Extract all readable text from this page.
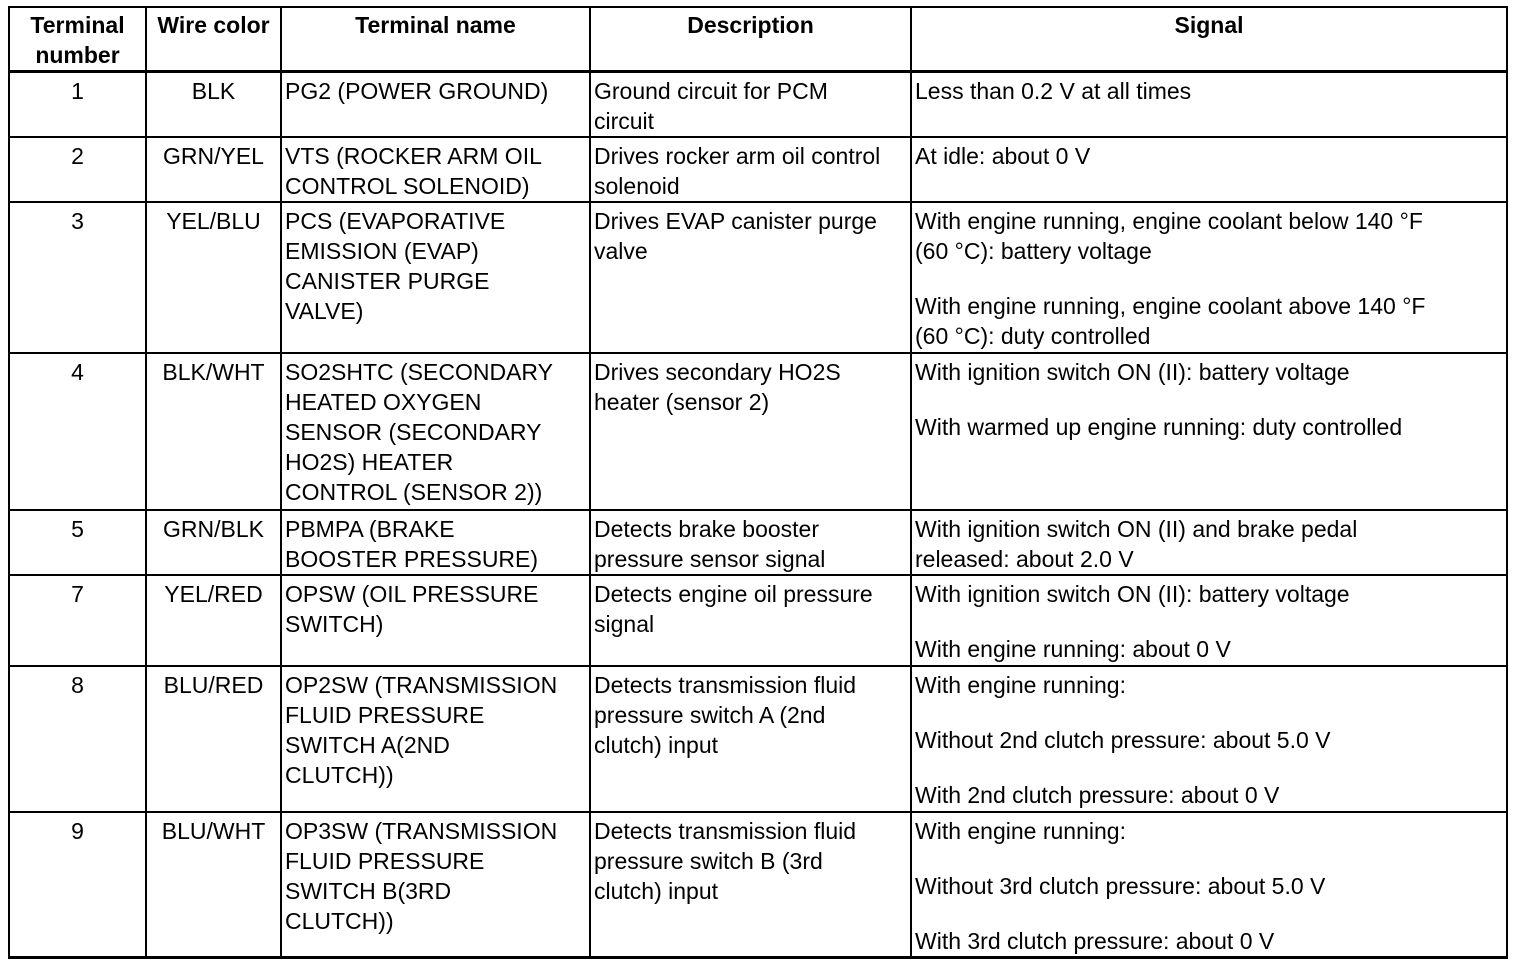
Terminal
number	Wire color	Terminal name	Description	Signal
1	BLK	PG2 (POWER GROUND)	Ground circuit for PCM
circuit	Less than 0.2 V at all times

2	GRN/YEL	VTS (ROCKER ARM OIL
CONTROL SOLENOID)	Drives rocker arm oil control
solenoid	At idle: about 0 V

3	YEL/BLU	PCS (EVAPORATIVE
EMISSION (EVAP)
CANISTER PURGE
VALVE)	Drives EVAP canister purge
valve	With engine running, engine coolant below 140 °F
(60 °C): battery voltage
With engine running, engine coolant above 140 °F
(60 °C): duty controlled

4	BLK/WHT	SO2SHTC (SECONDARY
HEATED OXYGEN
SENSOR (SECONDARY
HO2S) HEATER
CONTROL (SENSOR 2))	Drives secondary HO2S
heater (sensor 2)	With ignition switch ON (II): battery voltage
With warmed up engine running: duty controlled

5	GRN/BLK	PBMPA (BRAKE
BOOSTER PRESSURE)	Detects brake booster
pressure sensor signal	With ignition switch ON (II) and brake pedal
released: about 2.0 V

7	YEL/RED	OPSW (OIL PRESSURE
SWITCH)	Detects engine oil pressure
signal	With ignition switch ON (II): battery voltage
With engine running: about 0 V

8	BLU/RED	OP2SW (TRANSMISSION
FLUID PRESSURE
SWITCH A(2ND
CLUTCH))	Detects transmission fluid
pressure switch A (2nd
clutch) input	With engine running:
Without 2nd clutch pressure: about 5.0 V
With 2nd clutch pressure: about 0 V

9	BLU/WHT	OP3SW (TRANSMISSION
FLUID PRESSURE
SWITCH B(3RD
CLUTCH))	Detects transmission fluid
pressure switch B (3rd
clutch) input	With engine running:
Without 3rd clutch pressure: about 5.0 V
With 3rd clutch pressure: about 0 V
